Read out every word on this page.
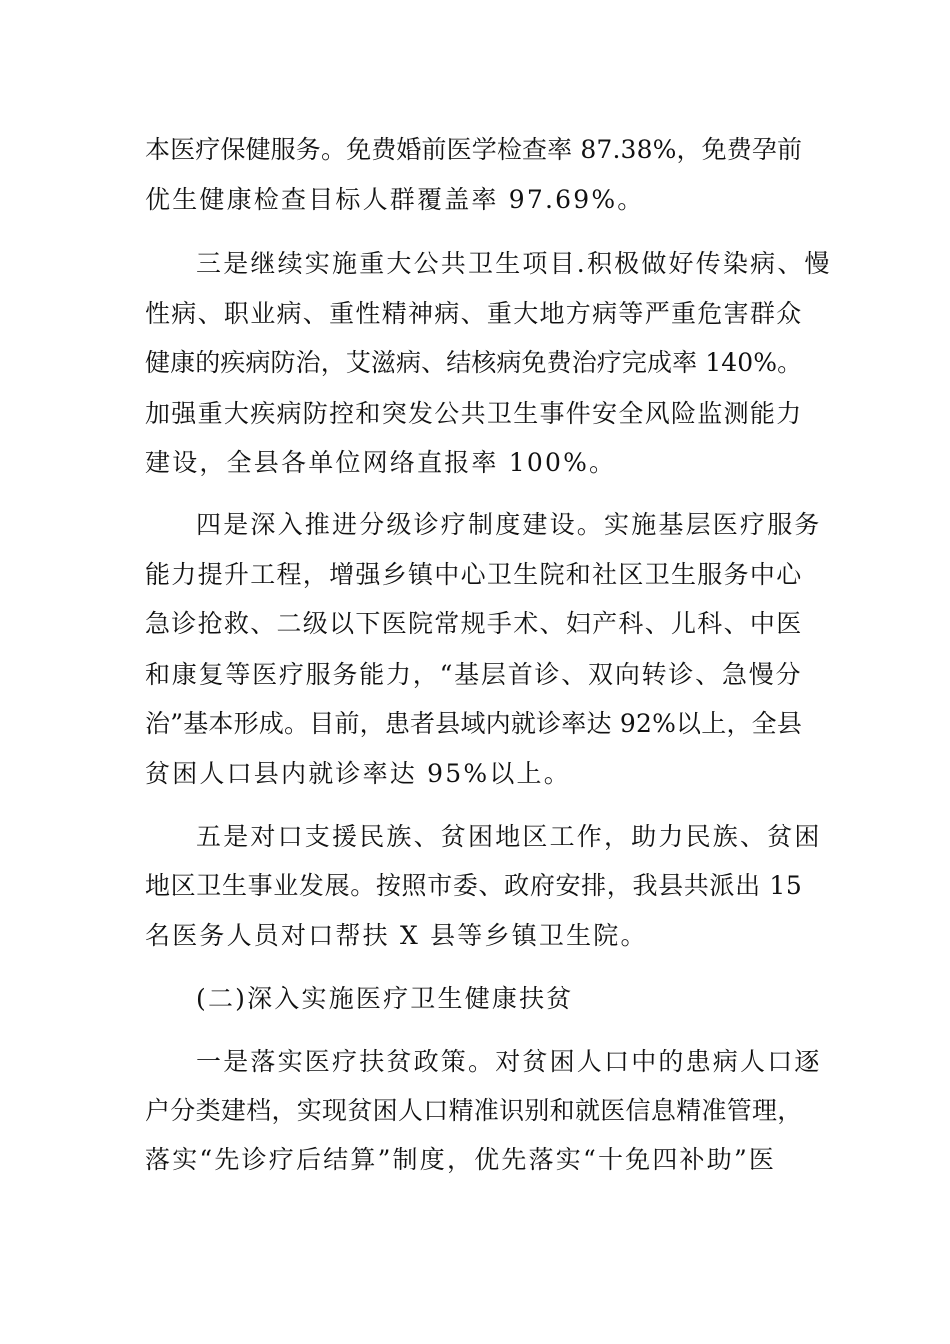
本医疗保健服务。免费婚前医学检查率 87.38%，免费孕前
优生健康检查目标人群覆盖率 97.69%。
三是继续实施重大公共卫生项目.积极做好传染病、慢
性病、职业病、重性精神病、重大地方病等严重危害群众
健康的疾病防治，艾滋病、结核病免费治疗完成率 140%。
加强重大疾病防控和突发公共卫生事件安全风险监测能力
建设，全县各单位网络直报率 100%。
四是深入推进分级诊疗制度建设。实施基层医疗服务
能力提升工程，增强乡镇中心卫生院和社区卫生服务中心
急诊抢救、二级以下医院常规手术、妇产科、儿科、中医
和康复等医疗服务能力，“基层首诊、双向转诊、急慢分
治”基本形成。目前，患者县域内就诊率达 92%以上，全县
贫困人口县内就诊率达 95%以上。
五是对口支援民族、贫困地区工作，助力民族、贫困
地区卫生事业发展。按照市委、政府安排，我县共派出 15
名医务人员对口帮扶 X 县等乡镇卫生院。
(二)深入实施医疗卫生健康扶贫
一是落实医疗扶贫政策。对贫困人口中的患病人口逐
户分类建档，实现贫困人口精准识别和就医信息精准管理，
落实“先诊疗后结算”制度，优先落实“十免四补助”医
